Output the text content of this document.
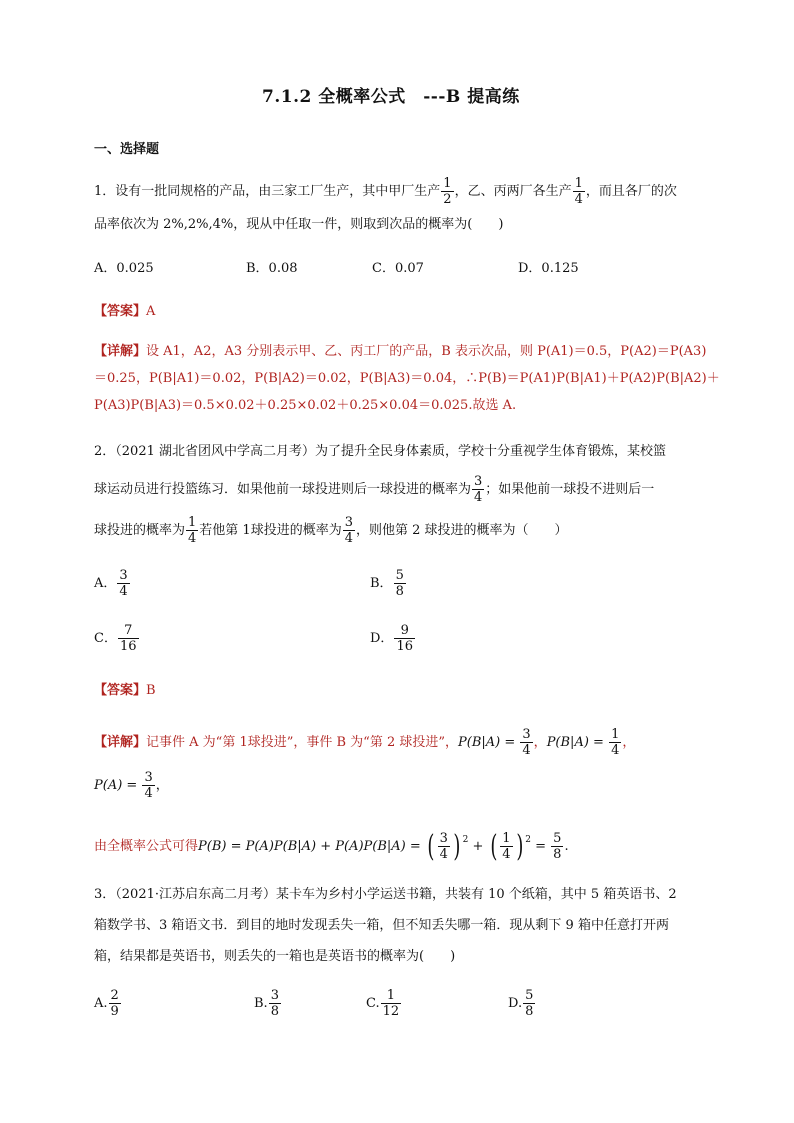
7.1.2 全概率公式　---B 提高练
一、选择题
1．设有一批同规格的产品，由三家工厂生产，其中甲厂生产 $\frac{1}{2}$ ，乙、丙两厂各生产 $\frac{1}{4}$ ，而且各厂的次
品率依次为 2%,2%,4%，现从中任取一件，则取到次品的概率为(　　)
A．0.025	B．0.08	C．0.07	D．0.125
【答案】A
【详解】设 A1，A2，A3 分别表示甲、乙、丙工厂的产品，B 表示次品，则 P(A1)＝0.5，P(A2)＝P(A3)
＝0.25，P(B|A1)＝0.02，P(B|A2)＝0.02，P(B|A3)＝0.04，∴P(B)＝P(A1)P(B|A1)＋P(A2)P(B|A2)＋
P(A3)P(B|A3)＝0.5×0.02＋0.25×0.02＋0.25×0.04＝0.025.故选 A.
2．（2021 湖北省团风中学高二月考）为了提升全民身体素质，学校十分重视学生体育锻炼，某校篮
球运动员进行投篮练习．如果他前一球投进则后一球投进的概率为 $\frac{3}{4}$ ；如果他前一球投不进则后一
球投进的概率为 $\frac{1}{4}$ 若他第 1球投进的概率为 $\frac{3}{4}$ ，则他第 2 球投进的概率为（　　）
A． $\frac{3}{4}$	B． $\frac{5}{8}$
C． $\frac{7}{16}$	D． $\frac{9}{16}$
【答案】B
【详解】记事件 A 为“第 1球投进”，事件 B 为“第 2 球投进”，$P(B|A) = \frac{3}{4}$ ，$P(B|A) = \frac{1}{4}$ ，
$P(A) = \frac{3}{4}$ ，
由全概率公式可得P(B) = P(A)P(B|A) + P(A)P(B|A) = ( $\frac{3}{4}$ ) $^2$ + ( $\frac{1}{4}$ ) $^2 = \frac{5}{8}$ .
3．（2021·江苏启东高二月考）某卡车为乡村小学运送书籍，共装有 10 个纸箱，其中 5 箱英语书、2
箱数学书、3 箱语文书．到目的地时发现丢失一箱，但不知丢失哪一箱．现从剩下 9 箱中任意打开两
箱，结果都是英语书，则丢失的一箱也是英语书的概率为(　　)
A. $\frac{2}{9}$	B. $\frac{3}{8}$	C. $\frac{1}{12}$	D. $\frac{5}{8}$
